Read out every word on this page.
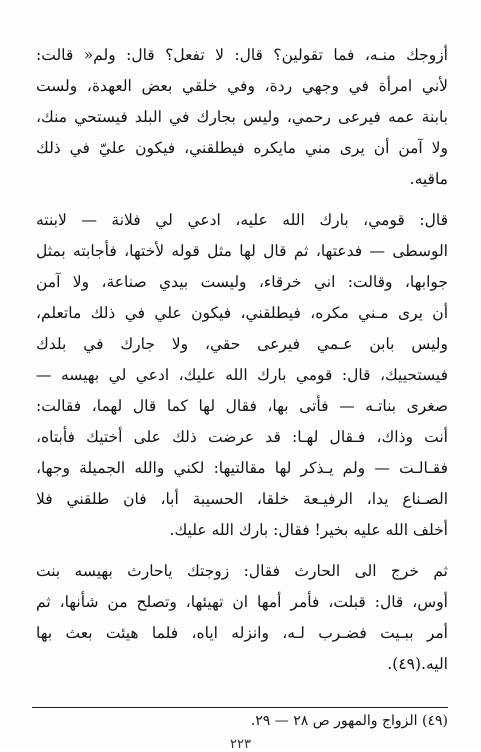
أزوجك منـه، فما تقولين؟ قال: لا تفعل؟ قال: ولم« قالت:
لأني امرأة في وجهي ردة، وفي خلقي بعض العهدة، ولست
بابنة عمه فيرعى رحمي، وليس بجارك في البلد فيستحي منك،
ولا آمن أن يرى مني مايكره فيطلقني، فيكون عليّ في ذلك
ماقيه.
قال: قومي، بارك الله عليه، ادعي لي فلانة — لابنته
الوسطى — فدعتها، ثم قال لها مثل قوله لأختها، فأجابته بمثل
جوابها، وقالت: اني خرقاء، وليست بيدي صناعة، ولا آمن
أن يرى مـني مكره، فيطلقني، فيكون علي في ذلك ماتعلم،
وليس بابن عـمي فيرعى حقي، ولا جارك في بلدك
فيستحييك، قال: قومي بارك الله عليك، ادعي لي بهيسه —
صغرى بناتـه — فأتى بها، فقال لها كما قال لهما، فقالت:
أنت وذاك، فـقال لهـا: قد عرضت ذلك على أختيك فأبتاه،
فقـالـت — ولم يـذكر لها مقالتيها: لكني والله الجميلة وجها،
الصـناع يدا، الرفيـعة خلقا، الحسيبة أبا، فان طلقني فلا
أخلف الله عليه بخير! فقال: بارك الله عليك.
ثم خرج الى الحارث فقال: زوجتك ياحارث بهيسه بنت
أوس، قال: قبلت، فأمر أمها ان تهيئها، وتصلح من شأنها، ثم
أمر ببـيت فضـرب لـه، وانزله اياه، فلما هيئت بعث بها
اليه.(٤٩).
(٤٩) الزواج والمهور ص ٢٨ — ٢٩.
٢٢٣
